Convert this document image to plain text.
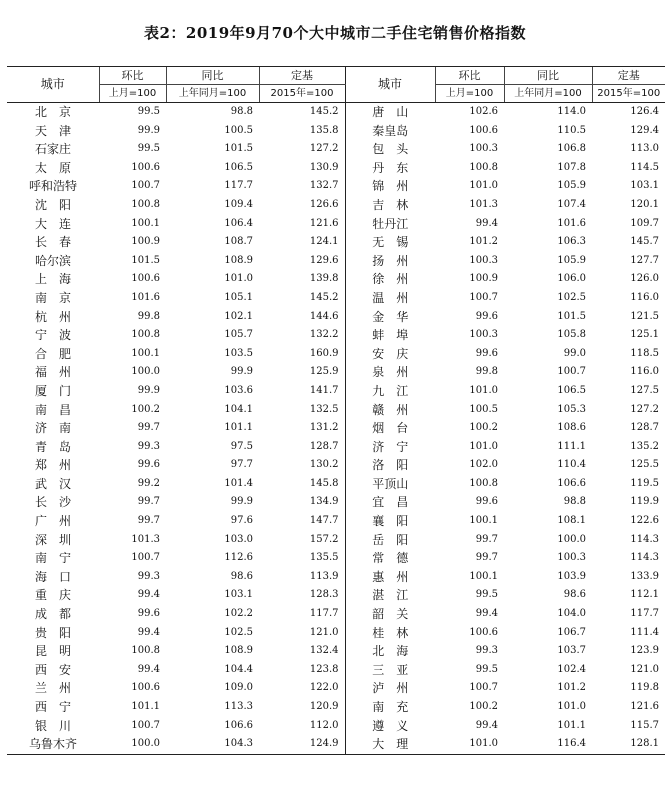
表2：2019年9月70个大中城市二手住宅销售价格指数
城市	环比	同比	定基	城市	环比	同比	定基
	上月=100	上年同月=100	2015年=100		上月=100	上年同月=100	2015年=100
北　京	99.5	98.8	145.2	唐　山	102.6	114.0	126.4
天　津	99.9	100.5	135.8	秦皇岛	100.6	110.5	129.4
石家庄	99.5	101.5	127.2	包　头	100.3	106.8	113.0
太　原	100.6	106.5	130.9	丹　东	100.8	107.8	114.5
呼和浩特	100.7	117.7	132.7	锦　州	101.0	105.9	103.1
沈　阳	100.8	109.4	126.6	吉　林	101.3	107.4	120.1
大　连	100.1	106.4	121.6	牡丹江	99.4	101.6	109.7
长　春	100.9	108.7	124.1	无　锡	101.2	106.3	145.7
哈尔滨	101.5	108.9	129.6	扬　州	100.3	105.9	127.7
上　海	100.6	101.0	139.8	徐　州	100.9	106.0	126.0
南　京	101.6	105.1	145.2	温　州	100.7	102.5	116.0
杭　州	99.8	102.1	144.6	金　华	99.6	101.5	121.5
宁　波	100.8	105.7	132.2	蚌　埠	100.3	105.8	125.1
合　肥	100.1	103.5	160.9	安　庆	99.6	99.0	118.5
福　州	100.0	99.9	125.9	泉　州	99.8	100.7	116.0
厦　门	99.9	103.6	141.7	九　江	101.0	106.5	127.5
南　昌	100.2	104.1	132.5	赣　州	100.5	105.3	127.2
济　南	99.7	101.1	131.2	烟　台	100.2	108.6	128.7
青　岛	99.3	97.5	128.7	济　宁	101.0	111.1	135.2
郑　州	99.6	97.7	130.2	洛　阳	102.0	110.4	125.5
武　汉	99.2	101.4	145.8	平顶山	100.8	106.6	119.5
长　沙	99.7	99.9	134.9	宜　昌	99.6	98.8	119.9
广　州	99.7	97.6	147.7	襄　阳	100.1	108.1	122.6
深　圳	101.3	103.0	157.2	岳　阳	99.7	100.0	114.3
南　宁	100.7	112.6	135.5	常　德	99.7	100.3	114.3
海　口	99.3	98.6	113.9	惠　州	100.1	103.9	133.9
重　庆	99.4	103.1	128.3	湛　江	99.5	98.6	112.1
成　都	99.6	102.2	117.7	韶　关	99.4	104.0	117.7
贵　阳	99.4	102.5	121.0	桂　林	100.6	106.7	111.4
昆　明	100.8	108.9	132.4	北　海	99.3	103.7	123.9
西　安	99.4	104.4	123.8	三　亚	99.5	102.4	121.0
兰　州	100.6	109.0	122.0	泸　州	100.7	101.2	119.8
西　宁	101.1	113.3	120.9	南　充	100.2	101.0	121.6
银　川	100.7	106.6	112.0	遵　义	99.4	101.1	115.7
乌鲁木齐	100.0	104.3	124.9	大　理	101.0	116.4	128.1
